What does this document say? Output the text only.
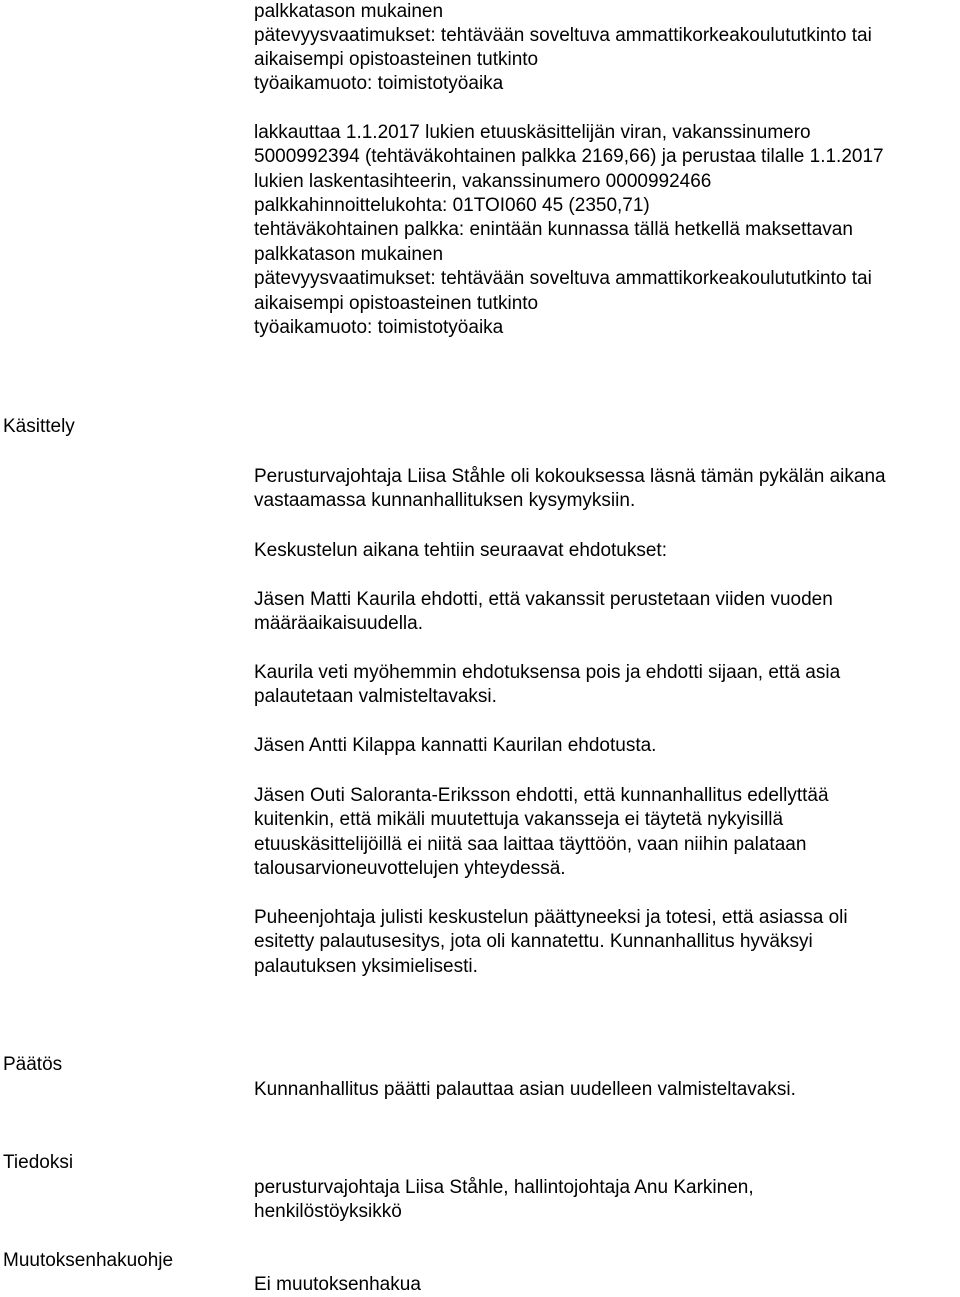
palkkatason mukainen
pätevyysvaatimukset: tehtävään soveltuva ammattikorkeakoulututkinto tai
aikaisempi opistoasteinen tutkinto
työaikamuoto: toimistotyöaika
lakkauttaa 1.1.2017 lukien etuuskäsittelijän viran, vakanssinumero
5000992394 (tehtäväkohtainen palkka 2169,66) ja perustaa tilalle 1.1.2017
lukien laskentasihteerin, vakanssinumero 0000992466
palkkahinnoittelukohta: 01TOI060 45 (2350,71)
tehtäväkohtainen palkka: enintään kunnassa tällä hetkellä maksettavan
palkkatason mukainen
pätevyysvaatimukset: tehtävään soveltuva ammattikorkeakoulututkinto tai
aikaisempi opistoasteinen tutkinto
työaikamuoto: toimistotyöaika
Käsittely
Perusturvajohtaja Liisa Ståhle oli kokouksessa läsnä tämän pykälän aikana
vastaamassa kunnanhallituksen kysymyksiin.
Keskustelun aikana tehtiin seuraavat ehdotukset:
Jäsen Matti Kaurila ehdotti, että vakanssit perustetaan viiden vuoden
määräaikaisuudella.
Kaurila veti myöhemmin ehdotuksensa pois ja ehdotti sijaan, että asia
palautetaan valmisteltavaksi.
Jäsen Antti Kilappa kannatti Kaurilan ehdotusta.
Jäsen Outi Saloranta-Eriksson ehdotti, että kunnanhallitus edellyttää
kuitenkin, että mikäli muutettuja vakansseja ei täytetä nykyisillä
etuuskäsittelijöillä ei niitä saa laittaa täyttöön, vaan niihin palataan
talousarvioneuvottelujen yhteydessä.
Puheenjohtaja julisti keskustelun päättyneeksi ja totesi, että asiassa oli
esitetty palautusesitys, jota oli kannatettu. Kunnanhallitus hyväksyi
palautuksen yksimielisesti.
Päätös
Kunnanhallitus päätti palauttaa asian uudelleen valmisteltavaksi.
Tiedoksi
perusturvajohtaja Liisa Ståhle, hallintojohtaja Anu Karkinen,
henkilöstöyksikkö
Muutoksenhakuohje
Ei muutoksenhakua
